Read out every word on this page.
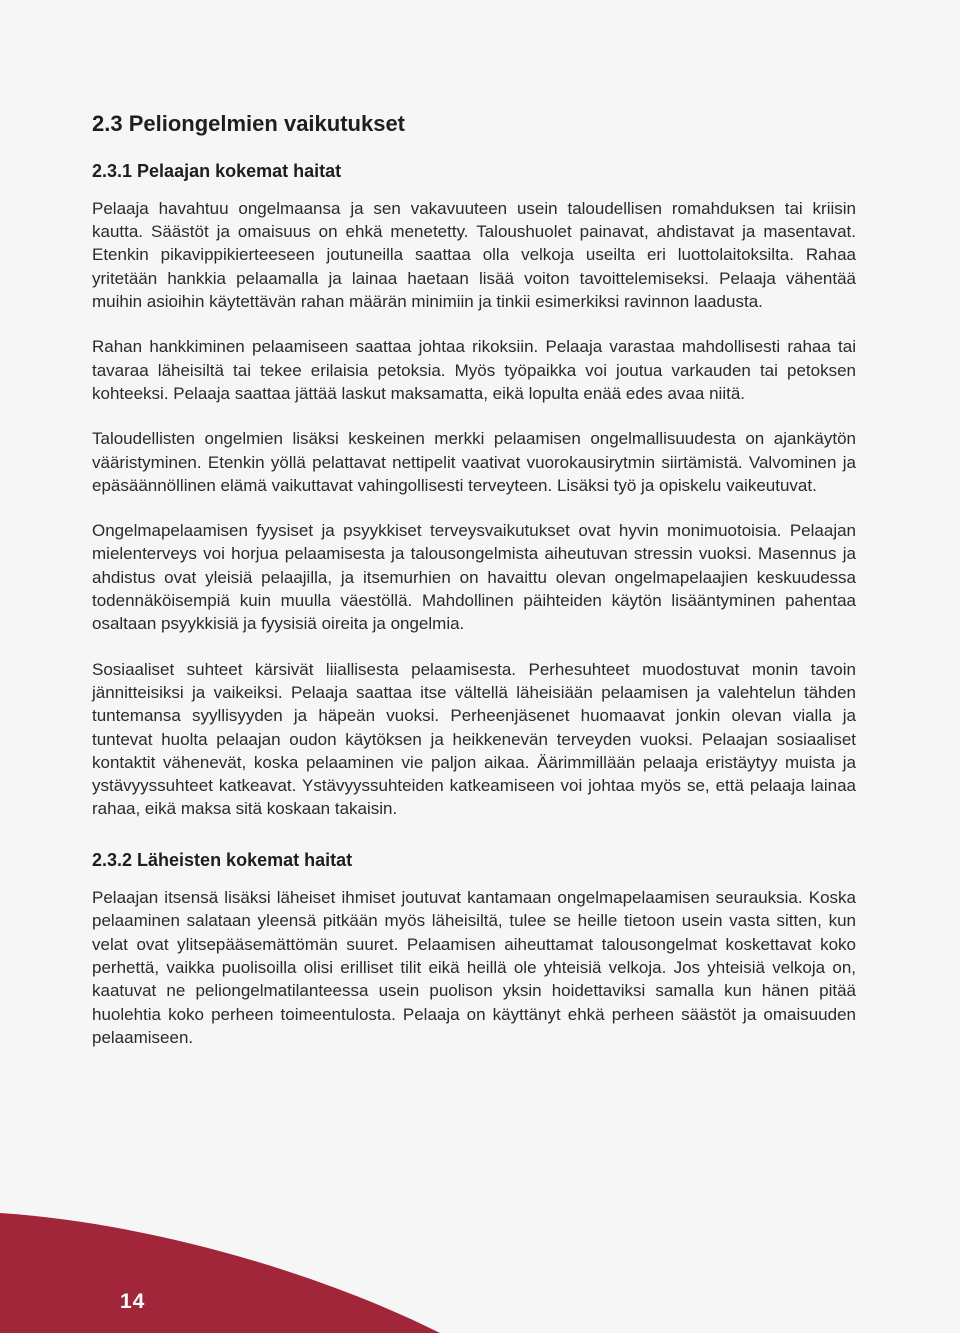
2.3 Peliongelmien vaikutukset
2.3.1 Pelaajan kokemat haitat

Pelaaja havahtuu ongelmaansa ja sen vakavuuteen usein taloudellisen romahduksen tai kriisin kautta. Säästöt ja omaisuus on ehkä menetetty. Taloushuolet painavat, ahdistavat ja masentavat. Etenkin pikavippikierteeseen joutuneilla saattaa olla velkoja useilta eri luottolaitoksilta. Rahaa yritetään hankkia pelaamalla ja lainaa haetaan lisää voiton tavoittelemiseksi. Pelaaja vähentää muihin asioihin käytettävän rahan määrän minimiin ja tinkii esimerkiksi ravinnon laadusta.

Rahan hankkiminen pelaamiseen saattaa johtaa rikoksiin. Pelaaja varastaa mahdollisesti rahaa tai tavaraa läheisiltä tai tekee erilaisia petoksia. Myös työpaikka voi joutua varkauden tai petoksen kohteeksi. Pelaaja saattaa jättää laskut maksamatta, eikä lopulta enää edes avaa niitä.

Taloudellisten ongelmien lisäksi keskeinen merkki pelaamisen ongelmallisuudesta on ajankäytön vääristyminen. Etenkin yöllä pelattavat nettipelit vaativat vuorokausirytmin siirtämistä. Valvominen ja epäsäännöllinen elämä vaikuttavat vahingollisesti terveyteen. Lisäksi työ ja opiskelu vaikeutuvat.

Ongelmapelaamisen fyysiset ja psyykkiset terveysvaikutukset ovat hyvin monimuotoisia. Pelaajan mielenterveys voi horjua pelaamisesta ja talousongelmista aiheutuvan stressin vuoksi. Masennus ja ahdistus ovat yleisiä pelaajilla, ja itsemurhien on havaittu olevan ongelmapelaajien keskuudessa todennäköisempiä kuin muulla väestöllä. Mahdollinen päihteiden käytön lisääntyminen pahentaa osaltaan psyykkisiä ja fyysisiä oireita ja ongelmia.

Sosiaaliset suhteet kärsivät liiallisesta pelaamisesta. Perhesuhteet muodostuvat monin tavoin jännitteisiksi ja vaikeiksi. Pelaaja saattaa itse vältellä läheisiään pelaamisen ja valehtelun tähden tuntemansa syyllisyyden ja häpeän vuoksi. Perheenjäsenet huomaavat jonkin olevan vialla ja tuntevat huolta pelaajan oudon käytöksen ja heikkenevän terveyden vuoksi. Pelaajan sosiaaliset kontaktit vähenevät, koska pelaaminen vie paljon aikaa. Äärimmillään pelaaja eristäytyy muista ja ystävyyssuhteet katkeavat. Ystävyyssuhteiden katkeamiseen voi johtaa myös se, että pelaaja lainaa rahaa, eikä maksa sitä koskaan takaisin.

2.3.2 Läheisten kokemat haitat

Pelaajan itsensä lisäksi läheiset ihmiset joutuvat kantamaan ongelmapelaamisen seurauksia. Koska pelaaminen salataan yleensä pitkään myös läheisiltä, tulee se heille tietoon usein vasta sitten, kun velat ovat ylitsepääsemättömän suuret. Pelaamisen aiheuttamat talousongelmat koskettavat koko perhettä, vaikka puolisoilla olisi erilliset tilit eikä heillä ole yhteisiä velkoja. Jos yhteisiä velkoja on, kaatuvat ne peliongelmatilanteessa usein puolison yksin hoidettaviksi samalla kun hänen pitää huolehtia koko perheen toimeentulosta. Pelaaja on käyttänyt ehkä perheen säästöt ja omaisuuden pelaamiseen.

14
